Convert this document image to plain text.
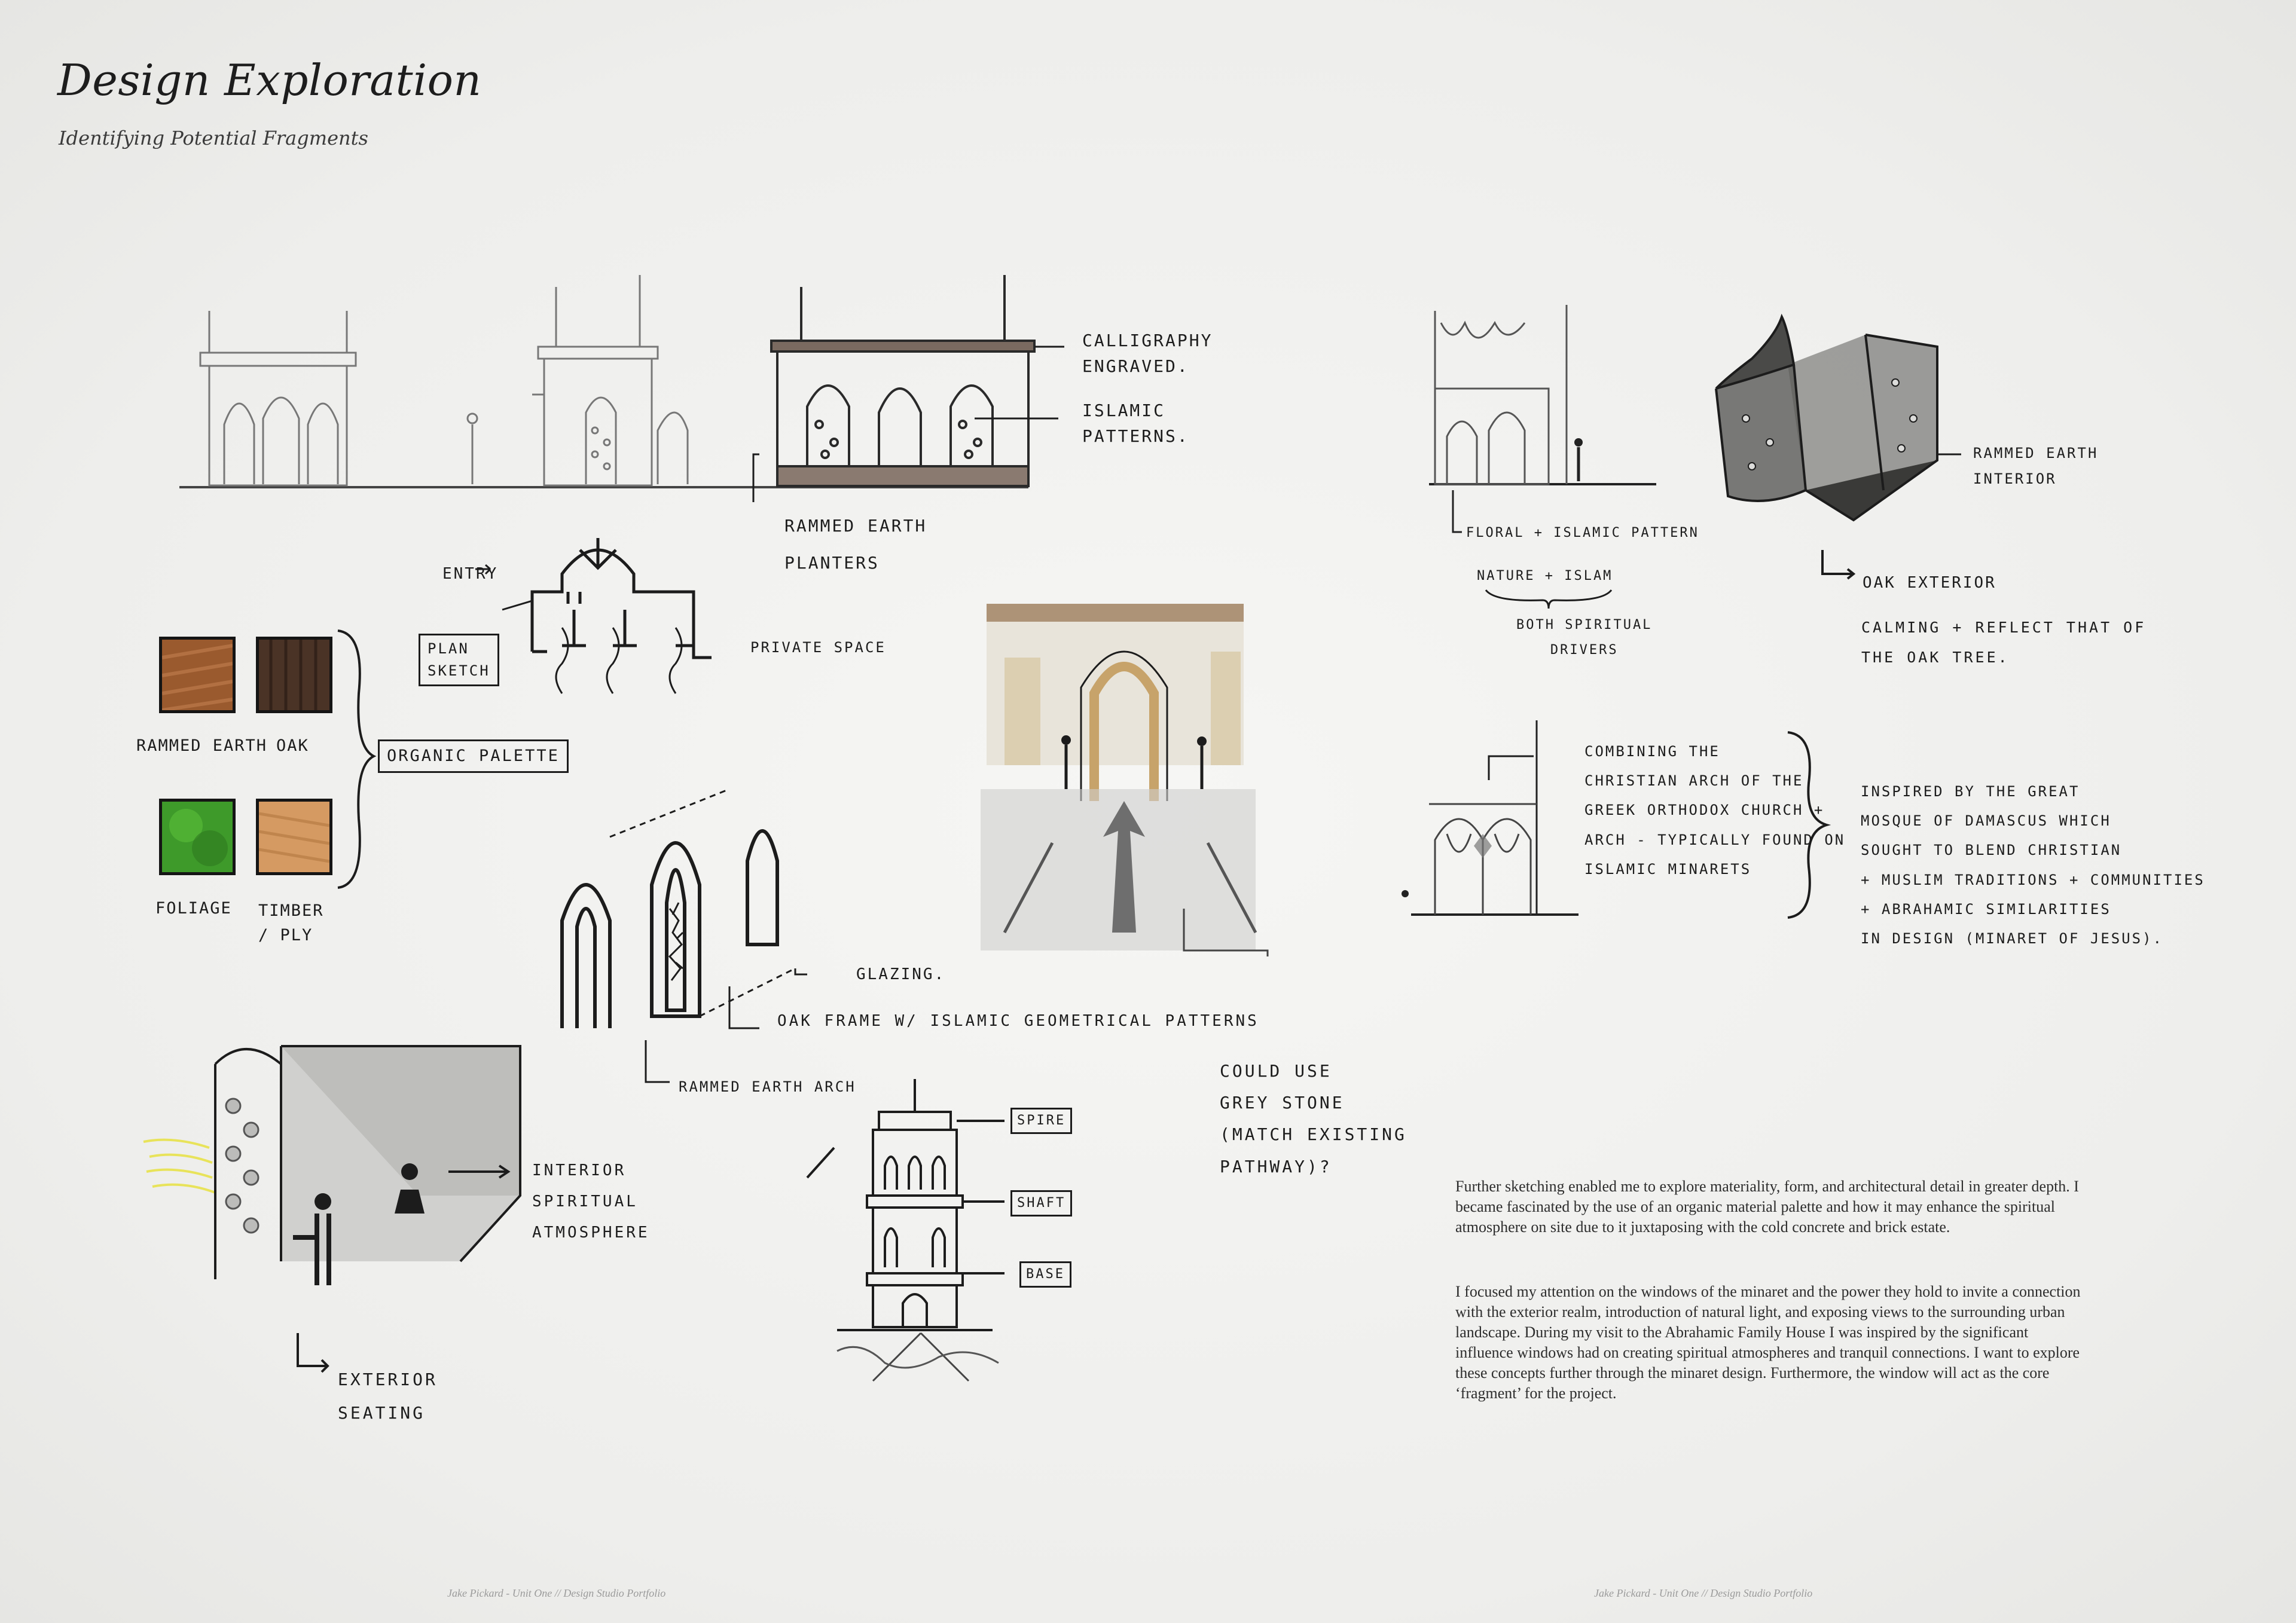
Design Exploration
Identifying Potential Fragments
CALLIGRAPHY
ENGRAVED.
ISLAMIC
PATTERNS.
RAMMED EARTH
PLANTERS
ENTRY
PLAN
SKETCH
PRIVATE SPACE
RAMMED EARTH OAK
FOLIAGE TIMBER / PLY
ORGANIC PALETTE
GLAZING.
OAK FRAME W/ ISLAMIC GEOMETRICAL PATTERNS
RAMMED EARTH ARCH
COULD USE
GREY STONE
(MATCH EXISTING
PATHWAY)?
SPIRE
SHAFT
BASE
INTERIOR
SPIRITUAL
ATMOSPHERE
EXTERIOR
SEATING
FLORAL + ISLAMIC PATTERN
NATURE + ISLAM
BOTH SPIRITUAL
DRIVERS
RAMMED EARTH
INTERIOR
OAK EXTERIOR
CALMING + REFLECT THAT OF
THE OAK TREE.
COMBINING THE
CHRISTIAN ARCH OF THE
GREEK ORTHODOX CHURCH +
ARCH - TYPICALLY FOUND ON
ISLAMIC MINARETS
INSPIRED BY THE GREAT
MOSQUE OF DAMASCUS WHICH
SOUGHT TO BLEND CHRISTIAN
+ MUSLIM TRADITIONS + COMMUNITIES
+ ABRAHAMIC SIMILARITIES
IN DESIGN (MINARET OF JESUS).

Further sketching enabled me to explore materiality, form, and architectural detail in greater depth. I became fascinated by the use of an organic material palette and how it may enhance the spiritual atmosphere on site due to it juxtaposing with the cold concrete and brick estate.

I focused my attention on the windows of the minaret and the power they hold to invite a connection with the exterior realm, introduction of natural light, and exposing views to the surrounding urban landscape. During my visit to the Abrahamic Family House I was inspired by the significant influence windows had on creating spiritual atmospheres and tranquil connections. I want to explore these concepts further through the minaret design. Furthermore, the window will act as the core ‘fragment’ for the project.

Jake Pickard - Unit One // Design Studio Portfolio	Jake Pickard - Unit One // Design Studio Portfolio
